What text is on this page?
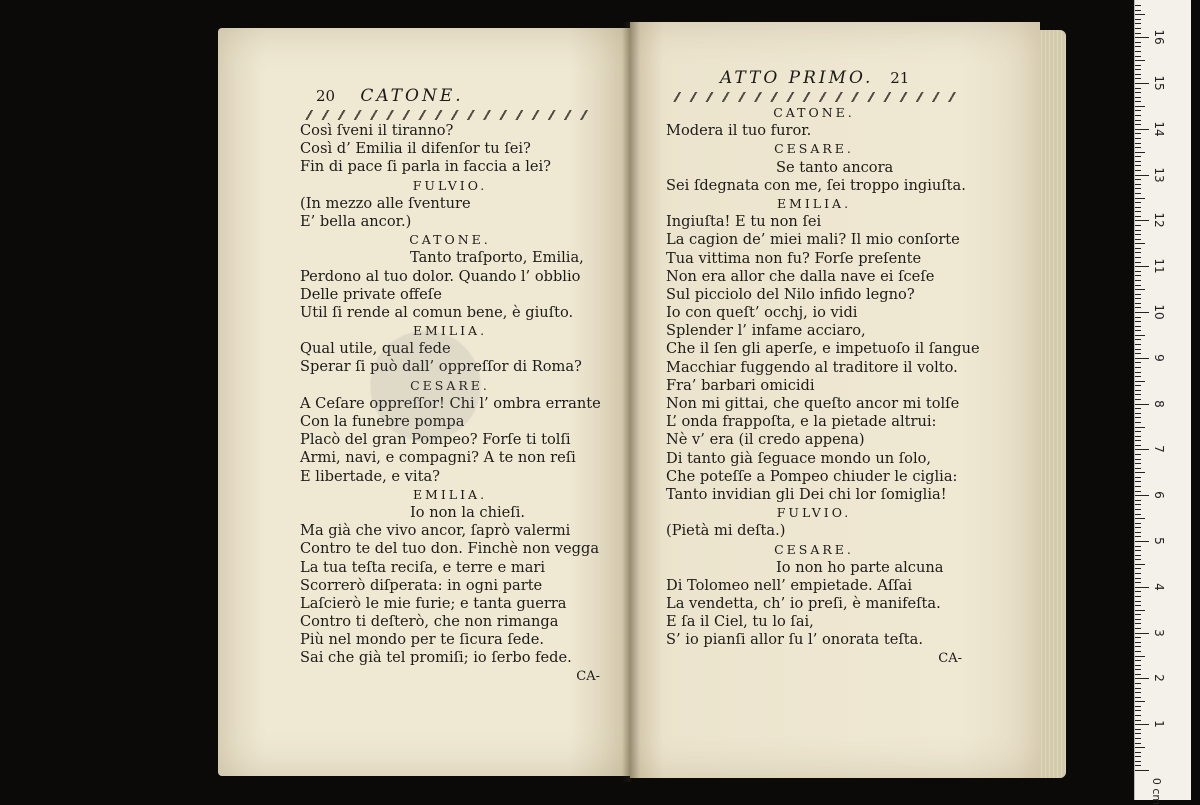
20 CATONE.
Così ſveni il tiranno?
Così d’ Emilia il difenſor tu ſei?
Fin di pace ſi parla in faccia a lei?
FULVIO.
(In mezzo alle ſventure
E’ bella ancor.)
CATONE.
Tanto traſporto, Emilia,
Perdono al tuo dolor. Quando l’ obblio
Delle private offeſe
Util ſi rende al comun bene, è giuſto.
EMILIA.
Qual utile, qual fede
Sperar ſi può dall’ oppreſſor di Roma?
CESARE.
A Ceſare oppreſſor! Chi l’ ombra errante
Con la funebre pompa
Placò del gran Pompeo? Forſe ti tolſi
Armi, navi, e compagni? A te non reſi
E libertade, e vita?
EMILIA.
Io non la chieſi.
Ma già che vivo ancor, ſaprò valermi
Contro te del tuo don. Finchè non vegga
La tua teſta reciſa, e terre e mari
Scorrerò diſperata: in ogni parte
Laſcierò le mie furie; e tanta guerra
Contro ti deſterò, che non rimanga
Più nel mondo per te ſicura ſede.
Sai che già tel promiſi; io ſerbo fede.
CA-
ATTO PRIMO. 21
CATONE.
Modera il tuo furor.
CESARE.
Se tanto ancora
Sei ſdegnata con me, ſei troppo ingiuſta.
EMILIA.
Ingiuſta! E tu non ſei
La cagion de’ miei mali? Il mio conſorte
Tua vittima non fu? Forſe preſente
Non era allor che dalla nave ei ſceſe
Sul picciolo del Nilo infido legno?
Io con queſt’ occhj, io vidi
Splender l’ infame acciaro,
Che il ſen gli aperſe, e impetuoſo il ſangue
Macchiar fuggendo al traditore il volto.
Fra’ barbari omicidi
Non mi gittai, che queſto ancor mi tolſe
L’ onda frappoſta, e la pietade altrui:
Nè v’ era (il credo appena)
Di tanto già ſeguace mondo un ſolo,
Che poteſſe a Pompeo chiuder le ciglia:
Tanto invidian gli Dei chi lor ſomiglia!
FULVIO.
(Pietà mi deſta.)
CESARE.
Io non ho parte alcuna
Di Tolomeo nell’ empietade. Aſſai
La vendetta, ch’ io preſi, è manifeſta.
E ſa il Ciel, tu lo ſai,
S’ io pianſi allor ſu l’ onorata teſta.
CA-
0 cm
1
2
3
4
5
6
7
8
9
10
11
12
13
14
15
16
